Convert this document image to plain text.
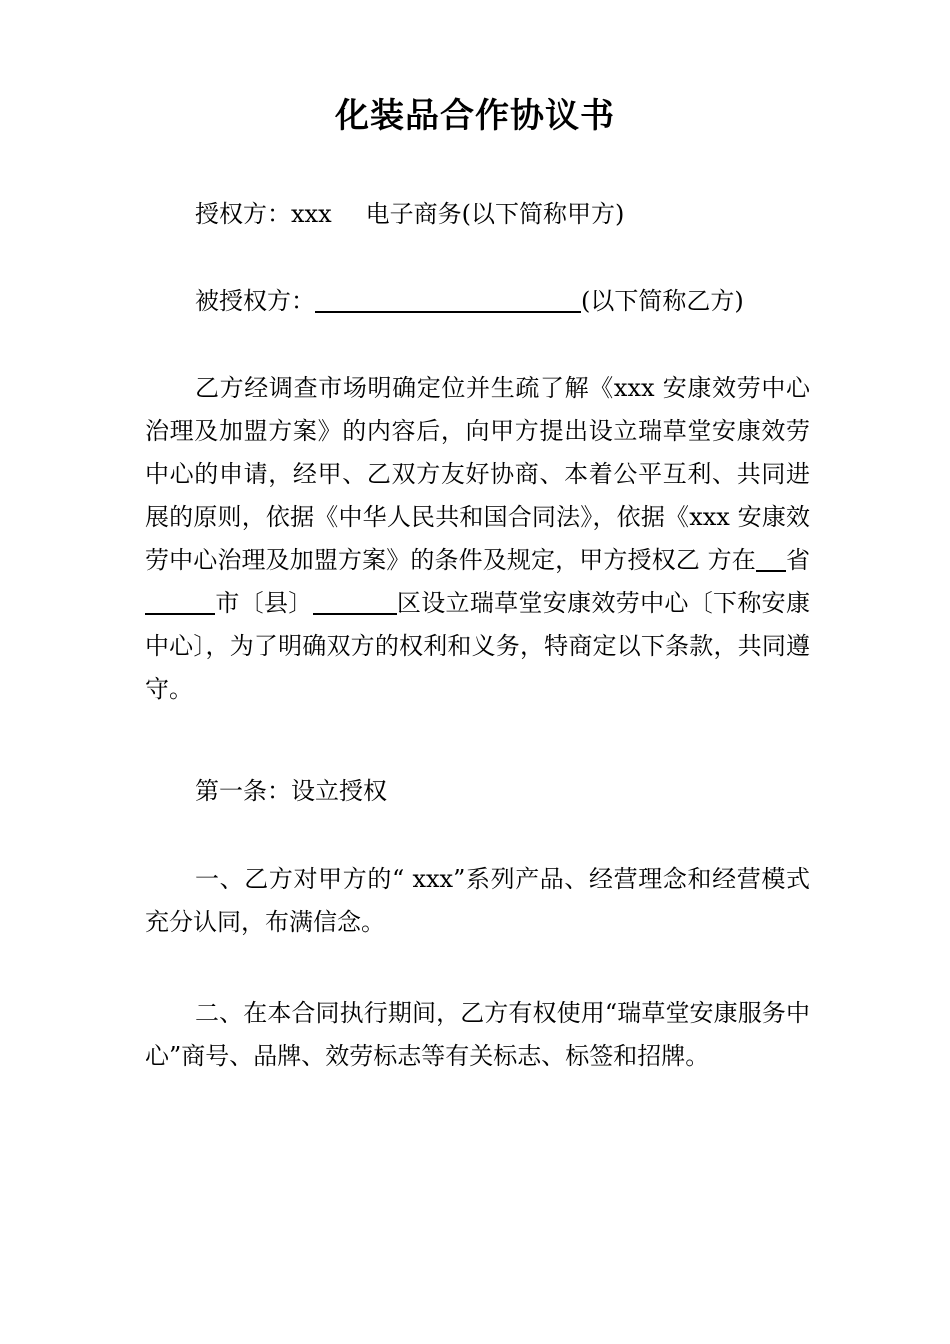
化装品合作协议书
授权方：xxx 电子商务(以下简称甲方)
被授权方：	(以下简称乙方)
乙方经调查市场明确定位并生疏了解《xxx 安康效劳中心治理及加盟方案》的内容后，向甲方提出设立瑞草堂安康效劳中心的申请，经甲、乙双方友好协商、本着公平互利、共同进展的原则，依据《中华人民共和国合同法》，依据《xxx 安康效劳中心治理及加盟方案》的条件及规定，甲方授权乙 方在 省市〔县〕	区设立瑞草堂安康效劳中心〔下称安康中心〕，为了明确双方的权利和义务，特商定以下条款，共同遵守。
第一条：设立授权
一、乙方对甲方的“ xxx”系列产品、经营理念和经营模式充分认同，布满信念。
二、在本合同执行期间，乙方有权使用“瑞草堂安康服务中心”商号、品牌、效劳标志等有关标志、标签和招牌。
